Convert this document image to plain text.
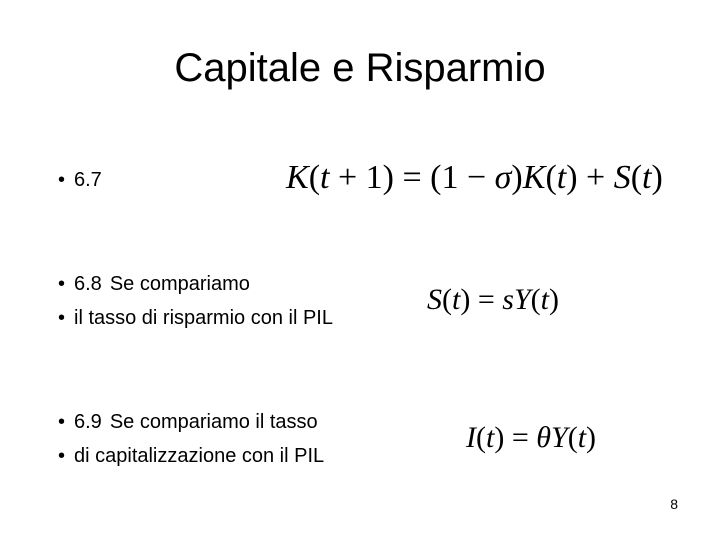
Capitale e Risparmio
• 6.7	K(t + 1) = (1 − σ)K(t) + S(t)
• 6.8 Se compariamo
• il tasso di risparmio con il PIL
S(t) = sY(t)
• 6.9 Se compariamo il tasso
• di capitalizzazione con il PIL
I(t) = θY(t)
8
